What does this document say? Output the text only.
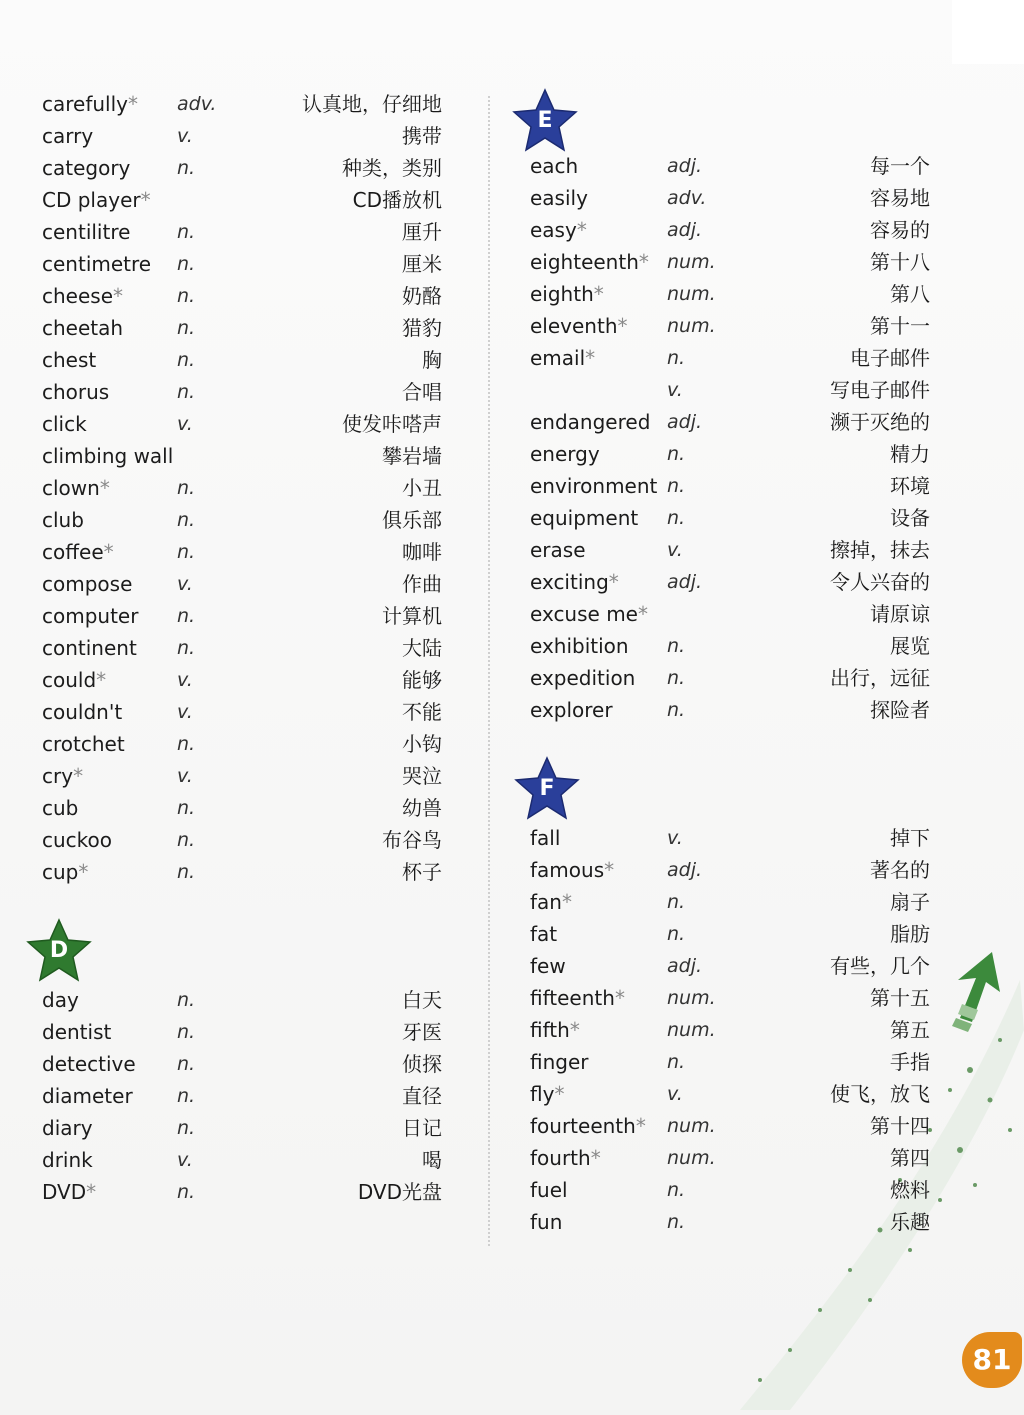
carefully* adv.	认真地，仔细地
carry	v.	携带
category n.	种类，类别
CD player*	CD播放机
centilitre n.	厘升
centimetre n.	厘米
cheese*	n.	奶酪
cheetah	n.	猎豹
chest	n.	胸
chorus	n.	合唱
click	v.	使发咔嗒声
climbing wall	攀岩墙
clown*	n.	小丑
club	n.	俱乐部
coffee*	n.	咖啡
compose v.	作曲
computer n.	计算机
continent n.	大陆
could*	v.	能够
couldn't	v.	不能
crotchet	n.	小钩
cry*	v.	哭泣
cub	n.	幼兽
cuckoo	n.	布谷鸟
cup*	n.	杯子
day	n.	白天
dentist	n.	牙医
detective n.	侦探
diameter n.	直径
diary	n.	日记
drink	v.	喝
DVD*	n.	DVD光盘
D
E
each	adj.	每一个
easily	adv.	容易地
easy*	adj.	容易的
eighteenth* num.	第十八
eighth*	num.	第八
eleventh* num.	第十一
email*	n.	电子邮件
v.	写电子邮件
endangered adj.	濒于灭绝的
energy	n.	精力
environment n.	环境
equipment n.	设备
erase	v.	擦掉，抹去
exciting*	adj.	令人兴奋的
excuse me*	请原谅
exhibition n.	展览
expedition n.	出行，远征
explorer	n.	探险者
fall	v.	掉下
famous*	adj.	著名的
fan*	n.	扇子
fat	n.	脂肪
few	adj.	有些，几个
fifteenth* num.	第十五
fifth*	num.	第五
finger	n.	手指
fly*	v.	使飞，放飞
fourteenth* num.	第十四
fourth*	num.	第四
fuel	n.	燃料
fun	n.	乐趣
F
81
